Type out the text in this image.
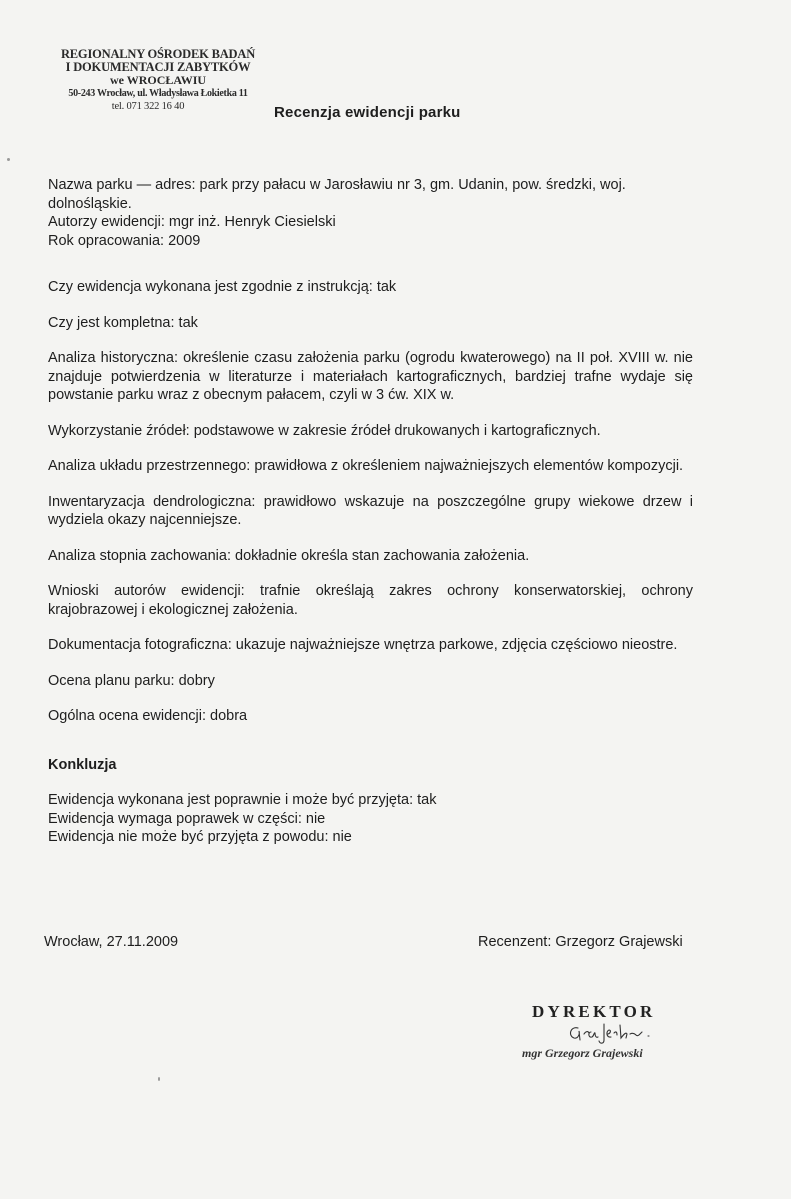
REGIONALNY OŚRODEK BADAŃ
I DOKUMENTACJI ZABYTKÓW
we WROCŁAWIU
50-243 Wrocław, ul. Władysława Łokietka 11
tel. 071 322 16 40	Recenzja ewidencji parku

Nazwa parku — adres: park przy pałacu w Jarosławiu nr 3, gm. Udanin, pow. średzki, woj. dolnośląskie.

Autorzy ewidencji: mgr inż. Henryk Ciesielski

Rok opracowania: 2009

Czy ewidencja wykonana jest zgodnie z instrukcją: tak

Czy jest kompletna: tak

Analiza historyczna: określenie czasu założenia parku (ogrodu kwaterowego) na II poł. XVIII w. nie znajduje potwierdzenia w literaturze i materiałach kartograficznych, bardziej trafne wydaje się powstanie parku wraz z obecnym pałacem, czyli w 3 ćw. XIX w.

Wykorzystanie źródeł: podstawowe w zakresie źródeł drukowanych i kartograficznych.

Analiza układu przestrzennego: prawidłowa z określeniem najważniejszych elementów kompozycji.

Inwentaryzacja dendrologiczna: prawidłowo wskazuje na poszczególne grupy wiekowe drzew i wydziela okazy najcenniejsze.

Analiza stopnia zachowania: dokładnie określa stan zachowania założenia.

Wnioski autorów ewidencji: trafnie określają zakres ochrony konserwatorskiej, ochrony krajobrazowej i ekologicznej założenia.

Dokumentacja fotograficzna: ukazuje najważniejsze wnętrza parkowe, zdjęcia częściowo nieostre.

Ocena planu parku: dobry

Ogólna ocena ewidencji: dobra

Konkluzja

Ewidencja wykonana jest poprawnie i może być przyjęta: tak

Ewidencja wymaga poprawek w części: nie

Ewidencja nie może być przyjęta z powodu: nie

Wrocław, 27.11.2009	Recenzent: Grzegorz Grajewski
DYREKTOR
mgr Grzegorz Grajewski
